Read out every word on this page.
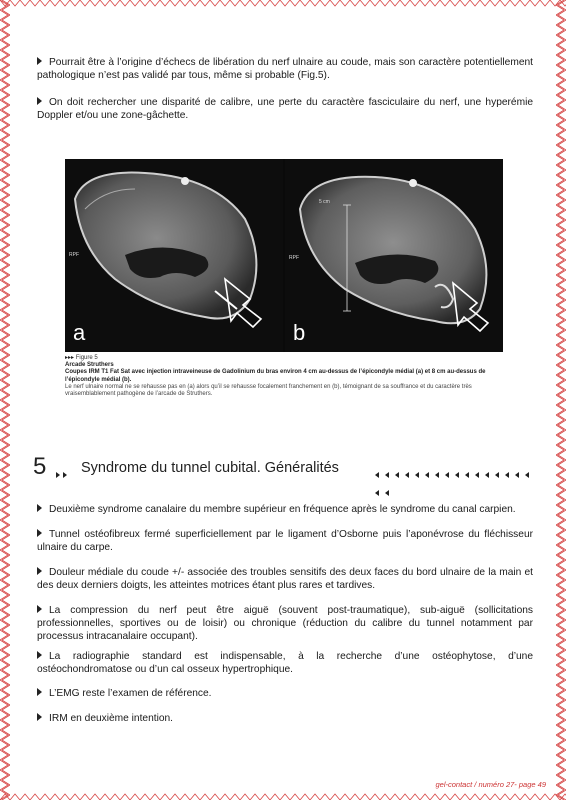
Pourrait être à l’origine d’échecs de libération du nerf ulnaire au coude, mais son caractère potentiellement pathologique n’est pas validé par tous, même si probable (Fig.5).
On doit rechercher une disparité de calibre, une perte du caractère fasciculaire du nerf, une hyperémie Doppler et/ou une zone-gâchette.
RPF
a
5 cm
RPF
b
▸▸▸ Figure 5
Arcade Struthers
Coupes IRM T1 Fat Sat avec injection intraveineuse de Gadolinium du bras environ 4 cm au-dessus de l’épicondyle médial (a) et 8 cm au-dessus de l’épicondyle médial (b).
Le nerf ulnaire normal ne se rehausse pas en (a) alors qu’il se rehausse focalement franchement en (b), témoignant de sa souffrance et du caractère très vraisemblablement pathogène de l’arcade de Struthers.
5 Syndrome du tunnel cubital. Généralités
Deuxième syndrome canalaire du membre supérieur en fréquence après le syndrome du canal carpien.
Tunnel ostéofibreux fermé superficiellement par le ligament d’Osborne puis l’aponévrose du fléchisseur ulnaire du carpe.
Douleur médiale du coude +/- associée des troubles sensitifs des deux faces du bord ulnaire de la main et des deux derniers doigts, les atteintes motrices étant plus rares et tardives.
La compression du nerf peut être aiguë (souvent post-traumatique), sub-aiguë (sollicitations professionnelles, sportives ou de loisir) ou chronique (réduction du calibre du tunnel notamment par processus intracanalaire occupant).
La radiographie standard est indispensable, à la recherche d’une ostéophytose, d’une ostéochondromatose ou d’un cal osseux hypertrophique.
L’EMG reste l’examen de référence.
IRM en deuxième intention.
gel-contact / numéro 27- page 49
